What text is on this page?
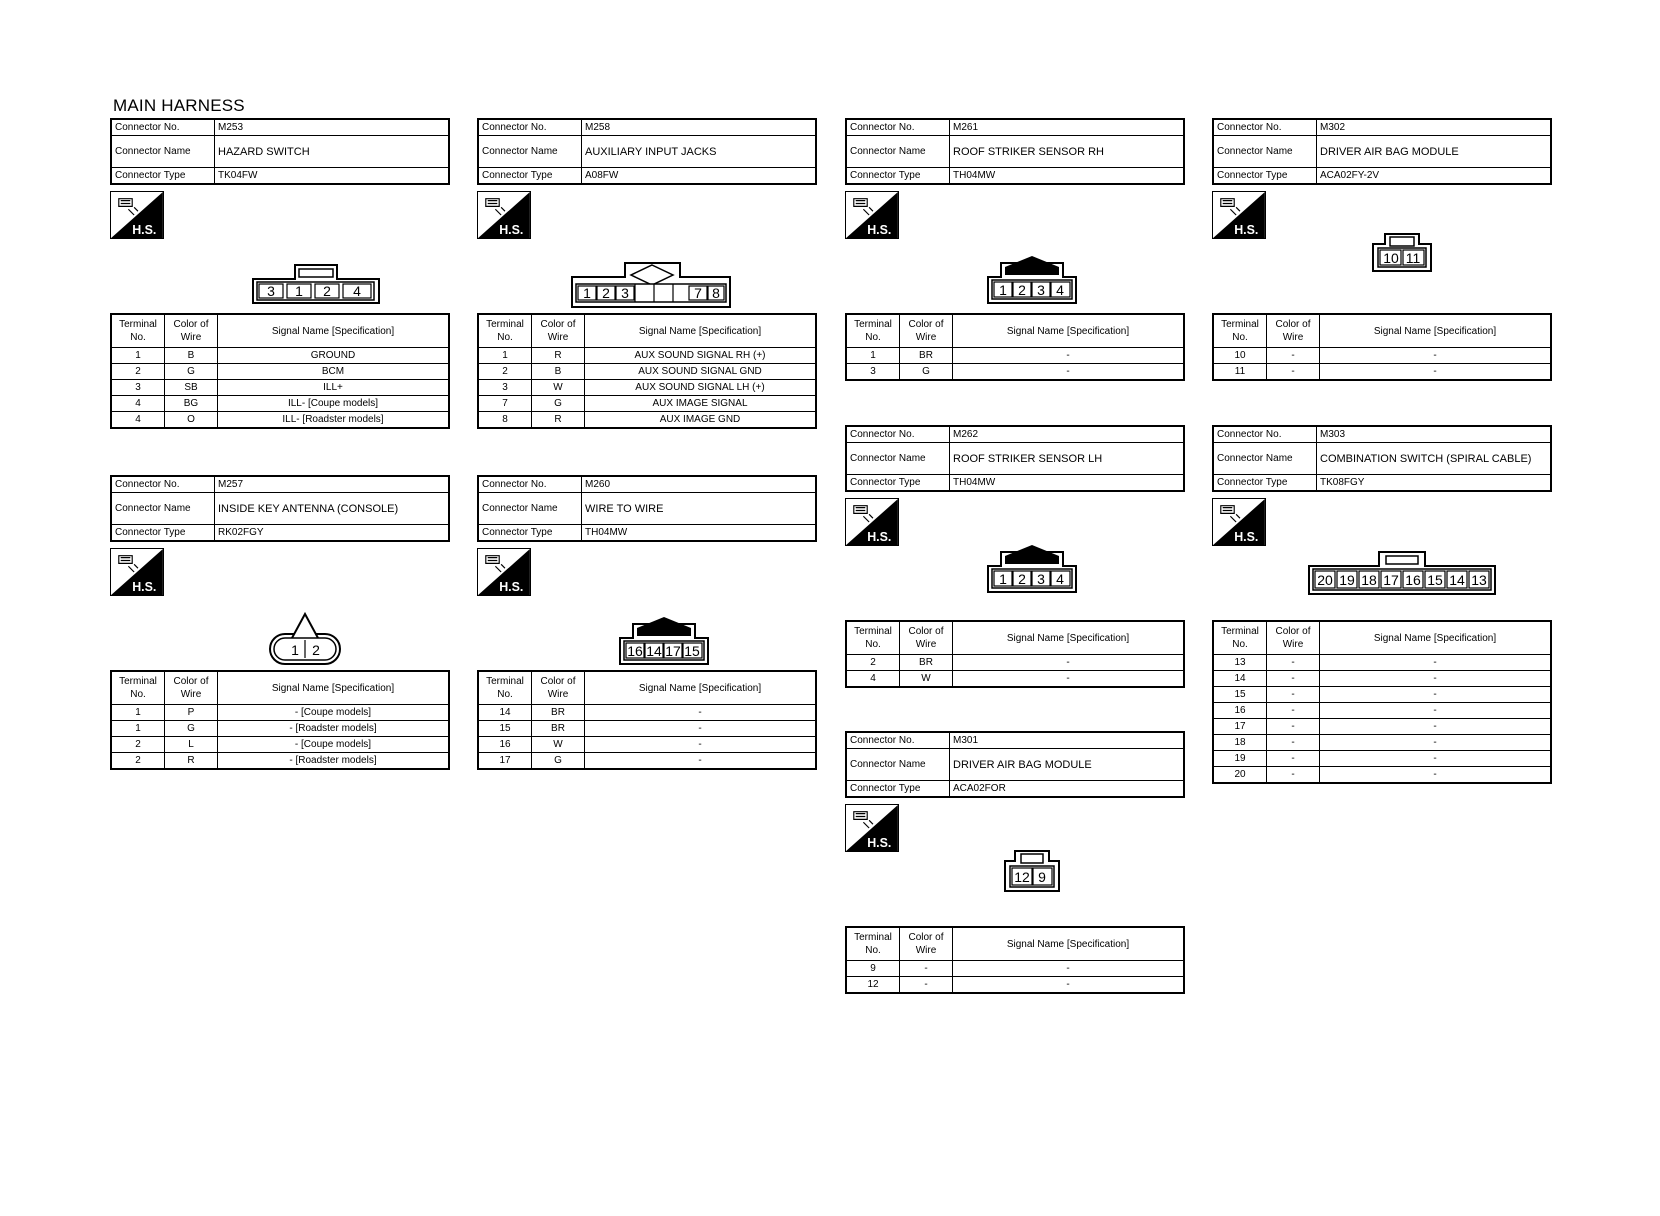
MAIN HARNESS
Connector No.	M253
Connector Name	HAZARD SWITCH
Connector Type	TK04FW
H.S.
3 1 2 4
Terminal No.	Color of Wire	Signal Name [Specification]
1	B	GROUND
2	G	BCM
3	SB	ILL+
4	BG	ILL- [Coupe models]
4	O	ILL- [Roadster models]
Connector No.	M257
Connector Name	INSIDE KEY ANTENNA (CONSOLE)
Connector Type	RK02FGY
H.S.
1 2
Terminal No.	Color of Wire	Signal Name [Specification]
1	P	- [Coupe models]
1	G	- [Roadster models]
2	L	- [Coupe models]
2	R	- [Roadster models]
Connector No.	M258
Connector Name	AUXILIARY INPUT JACKS
Connector Type	A08FW
H.S.
1 2 3	7 8
Terminal No.	Color of Wire	Signal Name [Specification]
1	R	AUX SOUND SIGNAL RH (+)
2	B	AUX SOUND SIGNAL GND
3	W	AUX SOUND SIGNAL LH (+)
7	G	AUX IMAGE SIGNAL
8	R	AUX IMAGE GND
Connector No.	M260
Connector Name	WIRE TO WIRE
Connector Type	TH04MW
H.S.
16 14 17 15
Terminal No.	Color of Wire	Signal Name [Specification]
14	BR	-
15	BR	-
16	W	-
17	G	-
Connector No.	M261
Connector Name	ROOF STRIKER SENSOR RH
Connector Type	TH04MW
H.S.
1 2 3 4
Terminal No.	Color of Wire	Signal Name [Specification]
1	BR	-
3	G	-
Connector No.	M262
Connector Name	ROOF STRIKER SENSOR LH
Connector Type	TH04MW
H.S.
1 2 3 4
Terminal No.	Color of Wire	Signal Name [Specification]
2	BR	-
4	W	-
Connector No.	M301
Connector Name	DRIVER AIR BAG MODULE
Connector Type	ACA02FOR
H.S.
12 9
Terminal No.	Color of Wire	Signal Name [Specification]
9	-	-
12	-	-
Connector No.	M302
Connector Name	DRIVER AIR BAG MODULE
Connector Type	ACA02FY-2V
H.S.
10 11
Terminal No.	Color of Wire	Signal Name [Specification]
10	-	-
11	-	-
Connector No.	M303
Connector Name	COMBINATION SWITCH (SPIRAL CABLE)
Connector Type	TK08FGY
H.S.
20 19 18 17 16 15 14 13
Terminal No.	Color of Wire	Signal Name [Specification]
13	-	-
14	-	-
15	-	-
16	-	-
17	-	-
18	-	-
19	-	-
20	-	-
